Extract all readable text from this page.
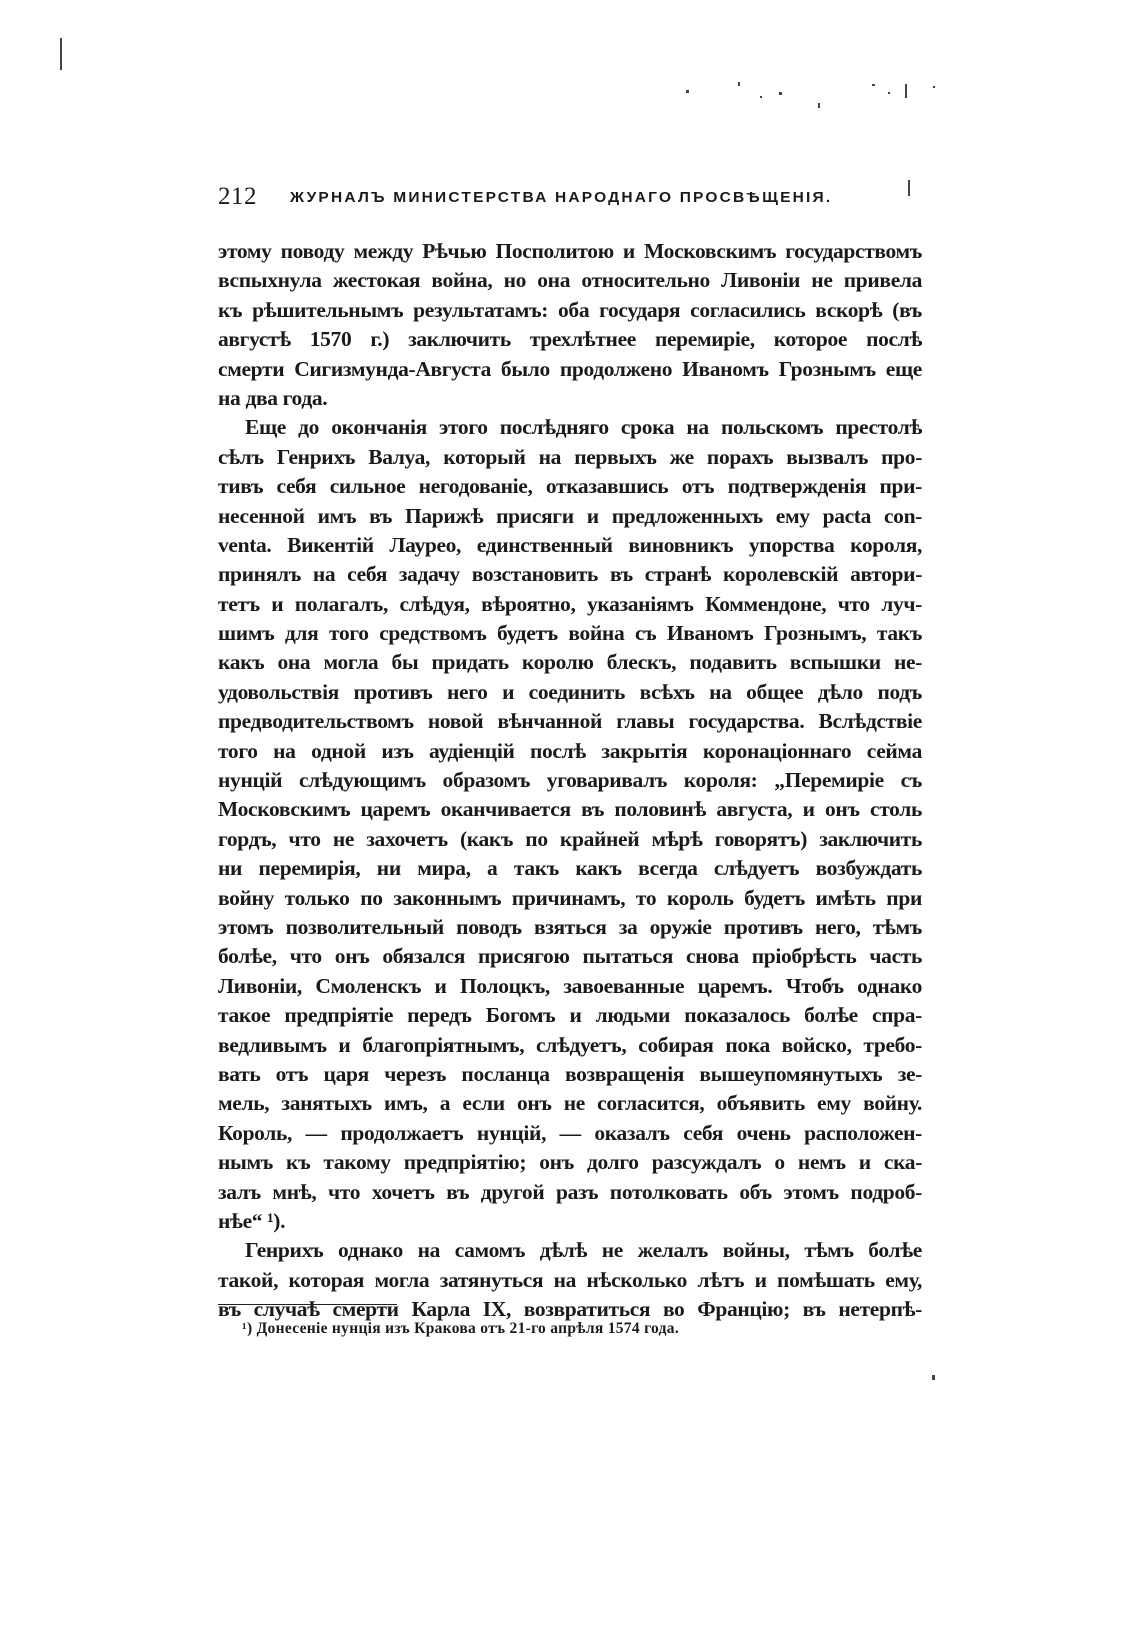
212 ЖУРНАЛЪ МИНИСТЕРСТВА НАРОДНАГО ПРОСВѢЩЕНІЯ.
этому поводу между Рѣчью Посполитою и Московскимъ государствомъ
вспыхнула жестокая война, но она относительно Ливоніи не привела
къ рѣшительнымъ результатамъ: оба государя согласились вскорѣ (въ
августѣ 1570 г.) заключить трехлѣтнее перемиріе, которое послѣ
смерти Сигизмунда-Августа было продолжено Иваномъ Грознымъ еще
на два года.
Еще до окончанія этого послѣдняго срока на польскомъ престолѣ
сѣлъ Генрихъ Валуа, который на первыхъ же порахъ вызвалъ про-
тивъ себя сильное негодованіе, отказавшись отъ подтвержденія при-
несенной имъ въ Парижѣ присяги и предложенныхъ ему pacta con-
venta. Викентій Лауреo, единственный виновникъ упорства короля,
принялъ на себя задачу возстановить въ странѣ королевскій автори-
тетъ и полагалъ, слѣдуя, вѣроятно, указаніямъ Коммендоне, что луч-
шимъ для того средствомъ будетъ война съ Иваномъ Грознымъ, такъ
какъ она могла бы придать королю блескъ, подавить вспышки не-
удовольствія противъ него и соединить всѣхъ на общее дѣло подъ
предводительствомъ новой вѣнчанной главы государства. Вслѣдствіе
того на одной изъ аудіенцій послѣ закрытія коронаціоннаго сейма
нунцій слѣдующимъ образомъ уговаривалъ короля: „Перемиріе съ
Московскимъ царемъ оканчивается въ половинѣ августа, и онъ столь
гордъ, что не захочетъ (какъ по крайней мѣрѣ говорятъ) заключить
ни перемирія, ни мира, а такъ какъ всегда слѣдуетъ возбуждать
войну только по законнымъ причинамъ, то король будетъ имѣть при
этомъ позволительный поводъ взяться за оружіе противъ него, тѣмъ
болѣе, что онъ обязался присягою пытаться снова пріобрѣсть часть
Ливоніи, Смоленскъ и Полоцкъ, завоеванные царемъ. Чтобъ однако
такое предпріятіе передъ Богомъ и людьми показалось болѣе спра-
ведливымъ и благопріятнымъ, слѣдуетъ, собирая пока войско, требо-
вать отъ царя черезъ посланца возвращенія вышеупомянутыхъ зе-
мель, занятыхъ имъ, а если онъ не согласится, объявить ему войну.
Король, — продолжаетъ нунцій, — оказалъ себя очень расположен-
нымъ къ такому предпріятію; онъ долго разсуждалъ о немъ и ска-
залъ мнѣ, что хочетъ въ другой разъ потолковать объ этомъ подроб-
нѣе“ ¹).
Генрихъ однако на самомъ дѣлѣ не желалъ войны, тѣмъ болѣе
такой, которая могла затянуться на нѣсколько лѣтъ и помѣшать ему,
въ случаѣ смерти Карла IX, возвратиться во Францію; въ нетерпѣ-
¹) Донесеніе нунція изъ Кракова отъ 21-го апрѣля 1574 года.
